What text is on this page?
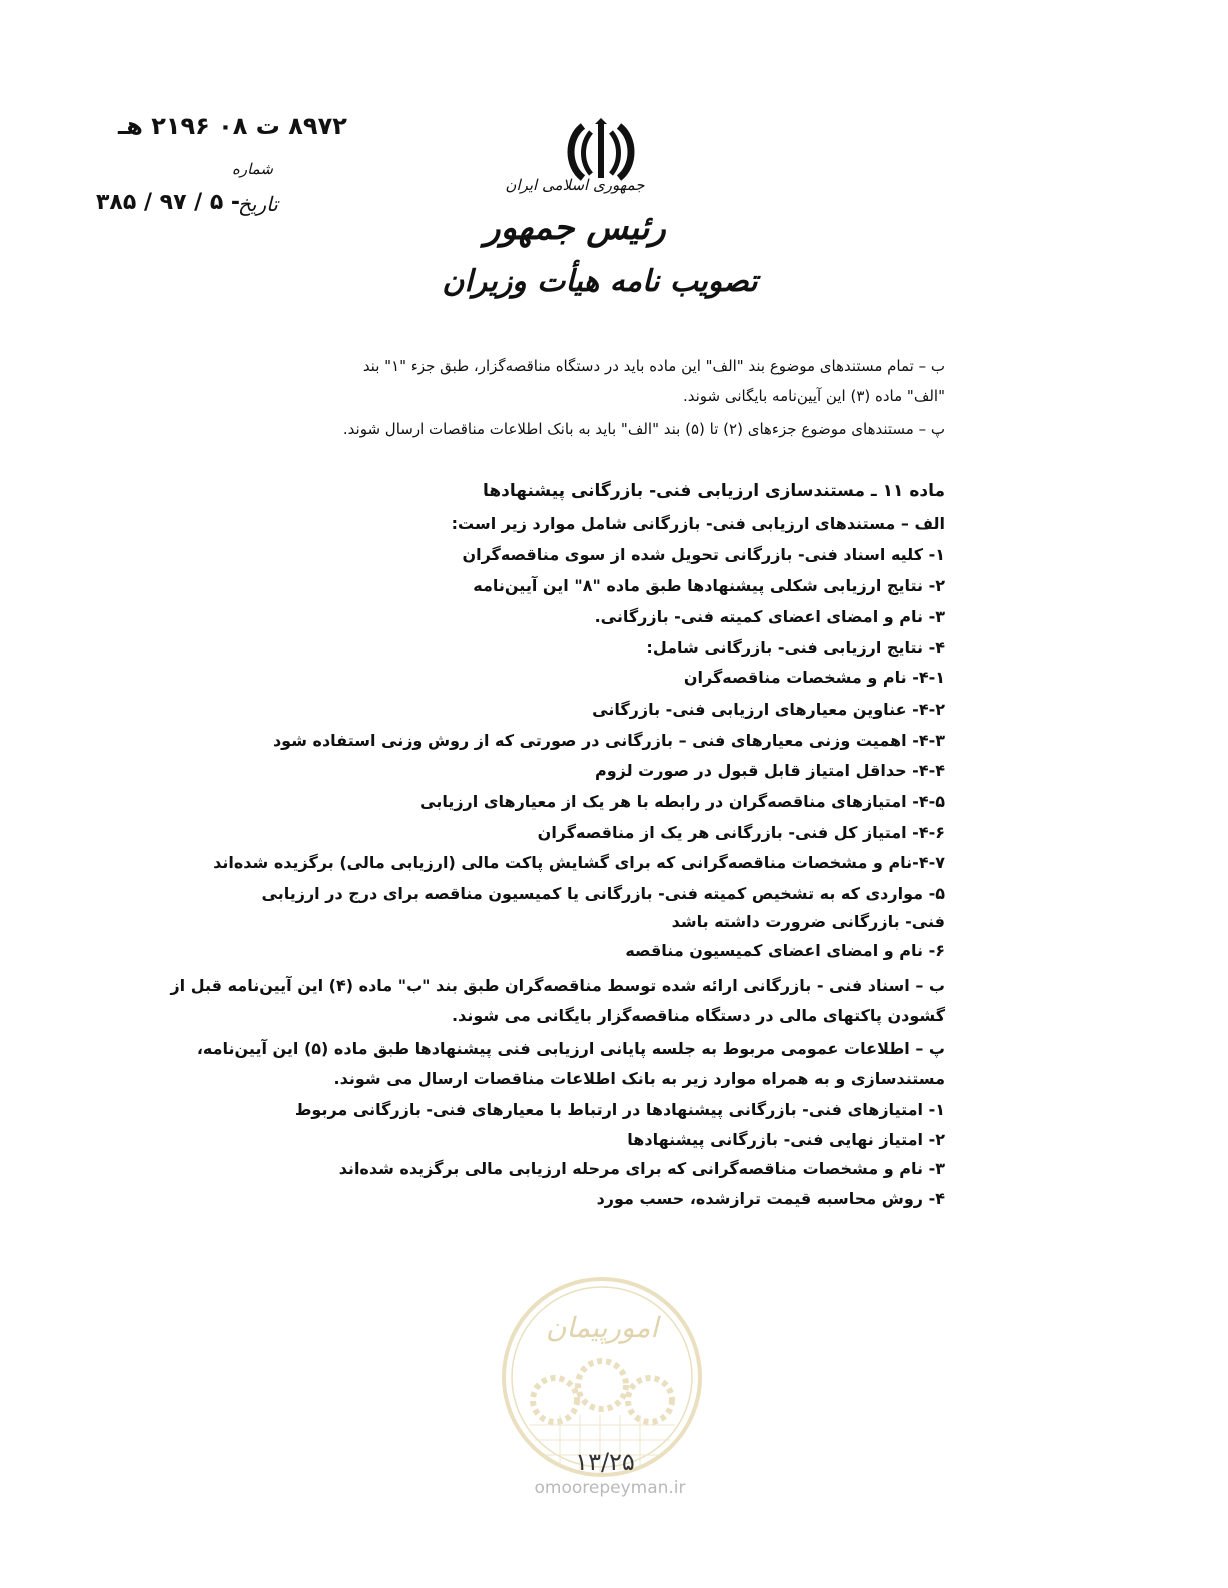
۸۹۷۲ ت ۰۸ ۲۱۹۶ هـ
شماره
تاریخ
۳۸۵ / ۹۷ / ۵ -
جمهوری اسلامی ایران
رئیس جمهور
تصویب نامه هیأت وزیران
ب – تمام مستندهای موضوع بند "الف" این ماده باید در دستگاه مناقصه‌گزار، طبق جزء "۱" بند
"الف" ماده (۳) این آیین‌نامه بایگانی شوند.
پ – مستندهای موضوع جزءهای (۲) تا (۵) بند "الف" باید به بانک اطلاعات مناقصات ارسال شوند.
ماده ۱۱ ـ مستندسازی ارزیابی فنی- بازرگانی پیشنهادها
الف – مستندهای ارزیابی فنی- بازرگانی شامل موارد زیر است:
۱- کلیه اسناد فنی- بازرگانی تحویل شده از سوی مناقصه‌گران
۲- نتایج ارزیابی شکلی پیشنهادها طبق ماده "۸" این آیین‌نامه
۳- نام و امضای اعضای کمیته فنی- بازرگانی.
۴- نتایج ارزیابی فنی- بازرگانی شامل:
۴-۱- نام و مشخصات مناقصه‌گران
۴-۲- عناوین معیارهای ارزیابی فنی- بازرگانی
۴-۳- اهمیت وزنی معیارهای فنی – بازرگانی در صورتی که از روش وزنی استفاده شود
۴-۴- حداقل امتیاز قابل قبول در صورت لزوم
۴-۵- امتیازهای مناقصه‌گران در رابطه با هر یک از معیارهای ارزیابی
۴-۶- امتیاز کل فنی- بازرگانی هر یک از مناقصه‌گران
۴-۷-نام و مشخصات مناقصه‌گرانی که برای گشایش پاکت مالی (ارزیابی مالی) برگزیده شده‌اند
۵- مواردی که به تشخیص کمیته فنی- بازرگانی یا کمیسیون مناقصه برای درج در ارزیابی
فنی- بازرگانی ضرورت داشته باشد
۶- نام و امضای اعضای کمیسیون مناقصه
ب – اسناد فنی - بازرگانی ارائه شده توسط مناقصه‌گران طبق بند "ب" ماده (۴) این آیین‌نامه قبل از
گشودن پاکتهای مالی در دستگاه مناقصه‌گزار بایگانی می شوند.
پ – اطلاعات عمومی مربوط به جلسه پایانی ارزیابی فنی پیشنهادها طبق ماده (۵) این آیین‌نامه،
مستندسازی و به همراه موارد زیر به بانک اطلاعات مناقصات ارسال می شوند.
۱- امتیازهای فنی- بازرگانی پیشنهادها در ارتباط با معیارهای فنی- بازرگانی مربوط
۲- امتیاز نهایی فنی- بازرگانی پیشنهادها
۳- نام و مشخصات مناقصه‌گرانی که برای مرحله ارزیابی مالی برگزیده شده‌اند
۴- روش محاسبه قیمت ترازشده، حسب مورد
امورپیمان
۱۳/۲۵
omoorepeyman.ir
